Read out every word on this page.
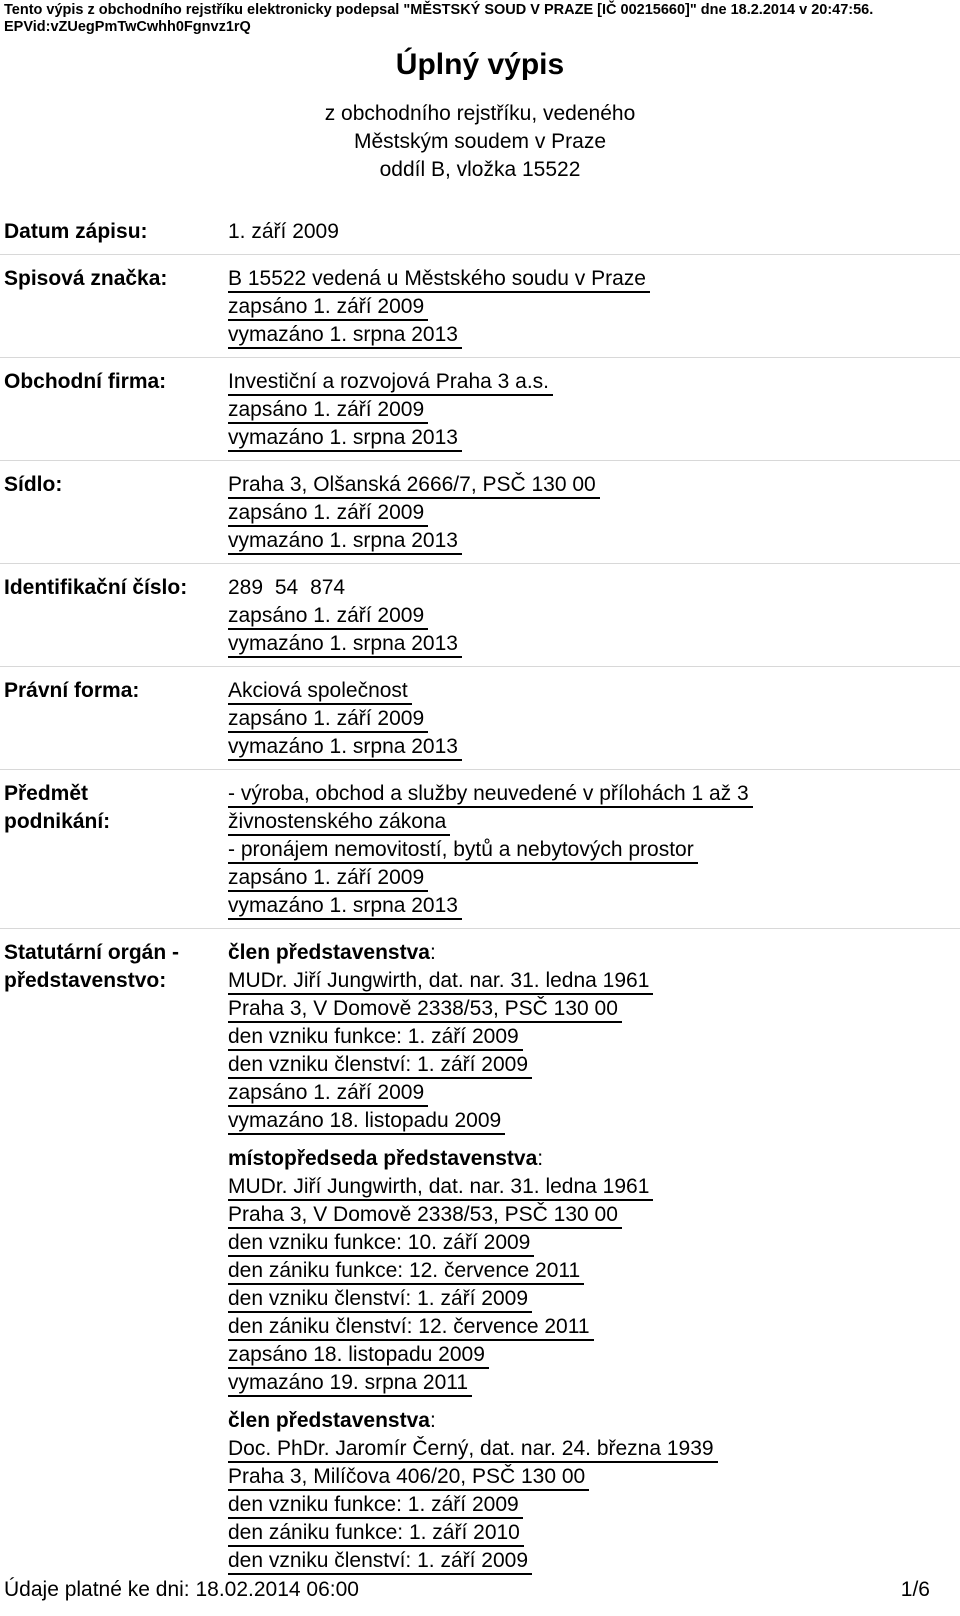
Tento výpis z obchodního rejstříku elektronicky podepsal "MĚSTSKÝ SOUD V PRAZE [IČ 00215660]" dne 18.2.2014 v 20:47:56. EPVid:vZUegPmTwCwhh0Fgnvz1rQ
Úplný výpis
z obchodního rejstříku, vedeného
Městským soudem v Praze
oddíl B, vložka 15522
Datum zápisu:	1. září 2009
Spisová značka:	B 15522 vedená u Městského soudu v Praze
zapsáno 1. září 2009
vymazáno 1. srpna 2013
Obchodní firma:	Investiční a rozvojová Praha 3 a.s.
zapsáno 1. září 2009
vymazáno 1. srpna 2013
Sídlo:	Praha 3, Olšanská 2666/7, PSČ 130 00
zapsáno 1. září 2009
vymazáno 1. srpna 2013
Identifikační číslo:	289 54 874
zapsáno 1. září 2009
vymazáno 1. srpna 2013
Právní forma:	Akciová společnost
zapsáno 1. září 2009
vymazáno 1. srpna 2013
Předmět
podnikání:
- výroba, obchod a služby neuvedené v přílohách 1 až 3
živnostenského zákona
- pronájem nemovitostí, bytů a nebytových prostor
zapsáno 1. září 2009
vymazáno 1. srpna 2013
Statutární orgán -
představenstvo:
člen představenstva:
MUDr. Jiří Jungwirth, dat. nar. 31. ledna 1961
Praha 3, V Domově 2338/53, PSČ 130 00
den vzniku funkce: 1. září 2009
den vzniku členství: 1. září 2009
zapsáno 1. září 2009
vymazáno 18. listopadu 2009
místopředseda představenstva:
MUDr. Jiří Jungwirth, dat. nar. 31. ledna 1961
Praha 3, V Domově 2338/53, PSČ 130 00
den vzniku funkce: 10. září 2009
den zániku funkce: 12. července 2011
den vzniku členství: 1. září 2009
den zániku členství: 12. července 2011
zapsáno 18. listopadu 2009
vymazáno 19. srpna 2011
člen představenstva:
Doc. PhDr. Jaromír Černý, dat. nar. 24. března 1939
Praha 3, Milíčova 406/20, PSČ 130 00
den vzniku funkce: 1. září 2009
den zániku funkce: 1. září 2010
den vzniku členství: 1. září 2009
Údaje platné ke dni: 18.02.2014 06:00	1/6
